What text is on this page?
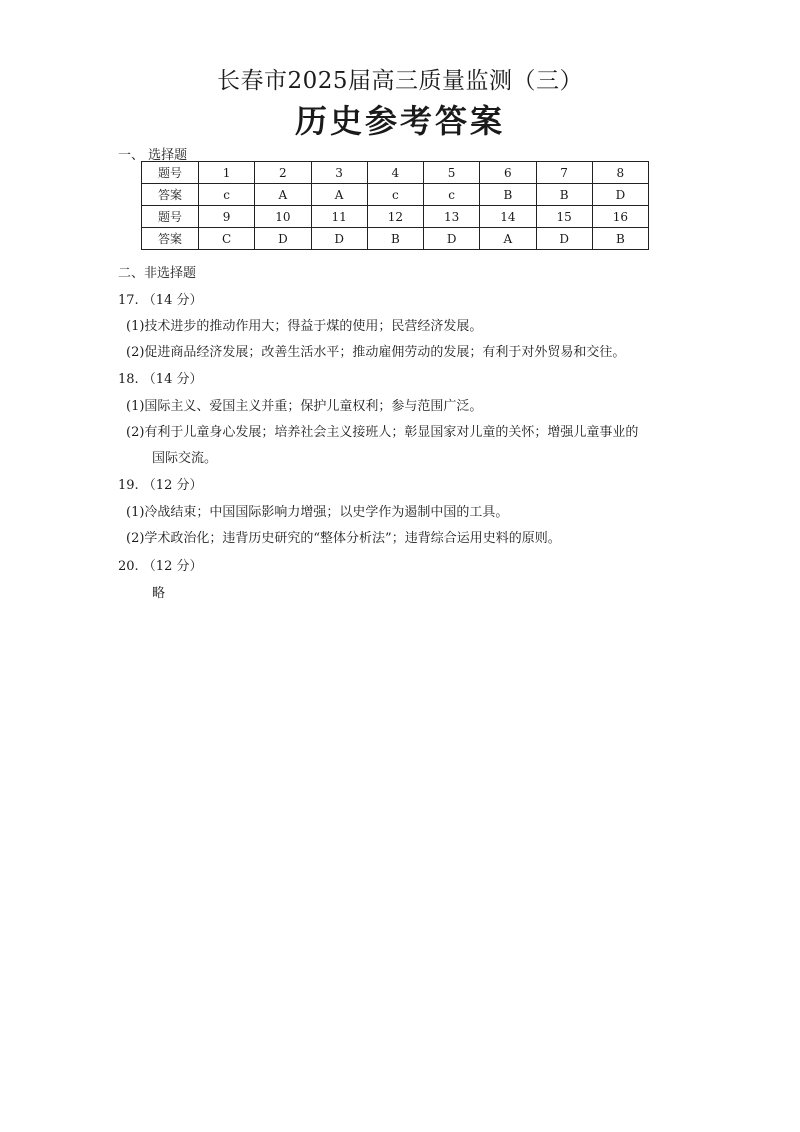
长春市2025届高三质量监测（三）
历史参考答案
一、 选择题
题号	1	2	3	4	5	6	7	8
答案	c	A	A	c	c	B	B	D
题号	9	10	11	12	13	14	15	16
答案	C	D	D	B	D	A	D	B
二、非选择题
17. （14 分）
(1)技术进步的推动作用大；得益于煤的使用；民营经济发展。
(2)促进商品经济发展；改善生活水平；推动雇佣劳动的发展；有利于对外贸易和交往。
18. （14 分）
(1)国际主义、爱国主义并重；保护儿童权利；参与范围广泛。
(2)有利于儿童身心发展；培养社会主义接班人；彰显国家对儿童的关怀；增强儿童事业的
国际交流。
19. （12 分）
(1)冷战结束；中国国际影响力增强；以史学作为遏制中国的工具。
(2)学术政治化；违背历史研究的“整体分析法”；违背综合运用史料的原则。
20. （12 分）
略
